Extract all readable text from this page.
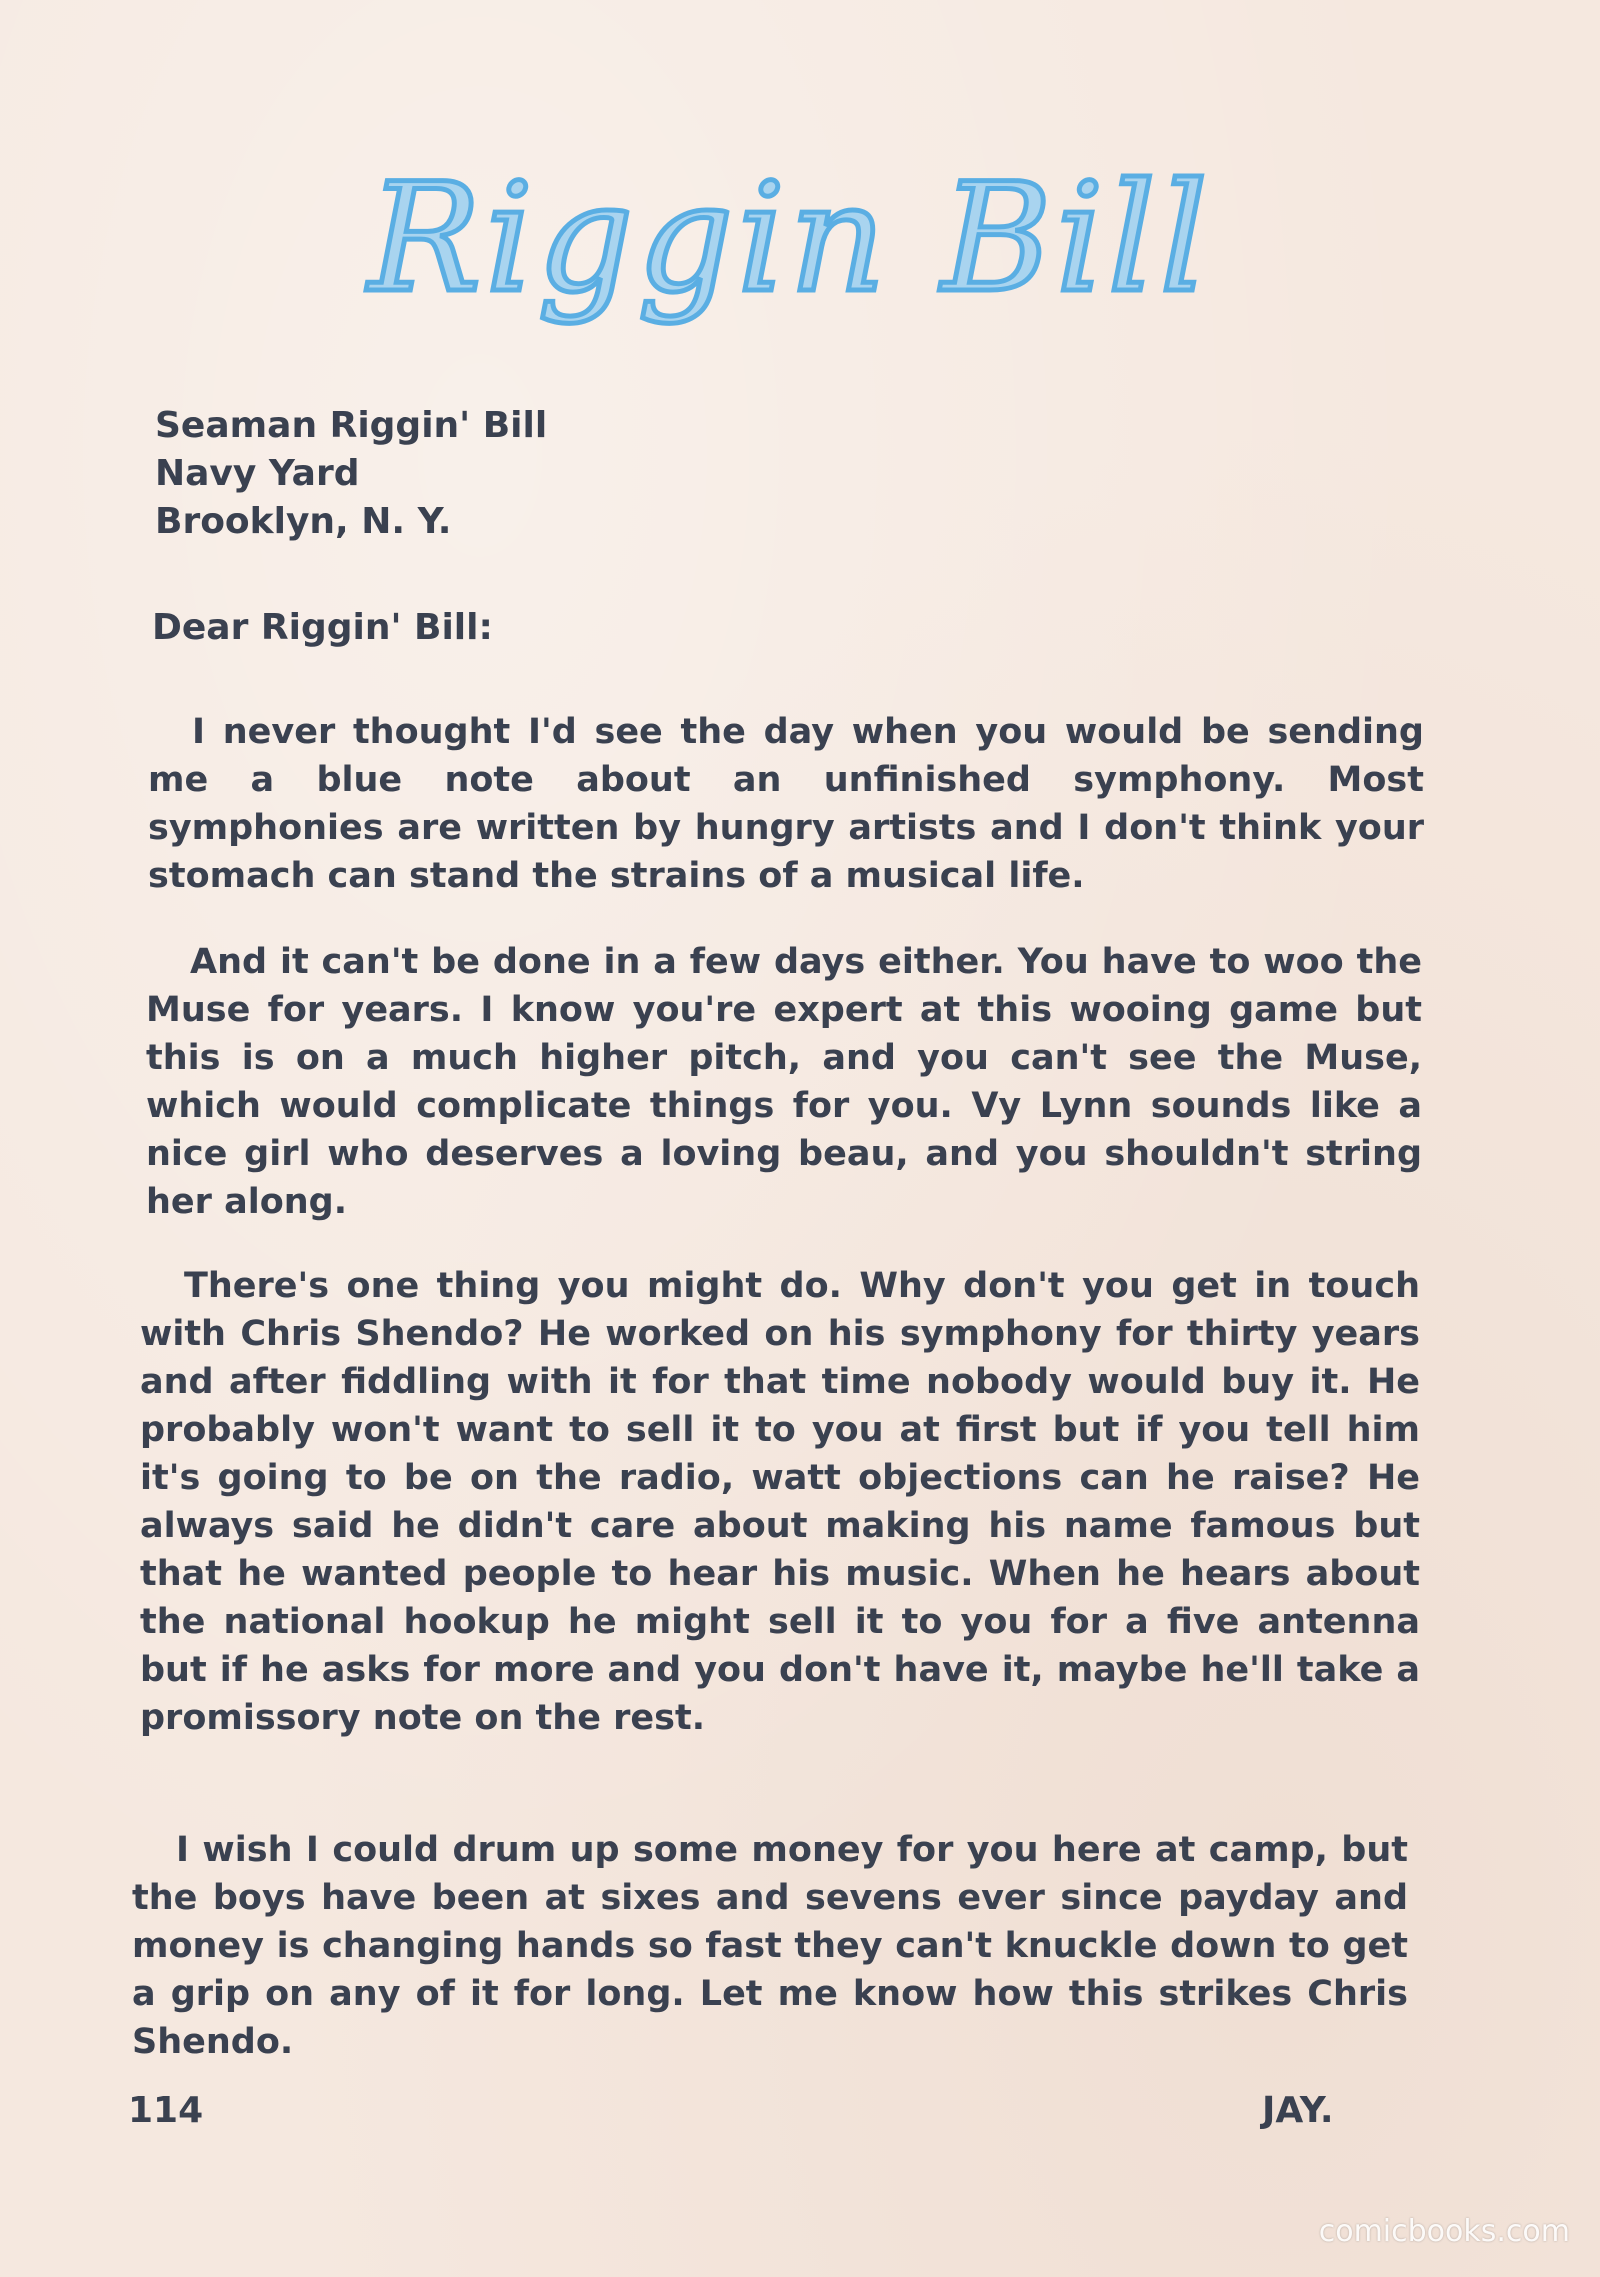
Riggin Bill
Seaman Riggin' Bill
Navy Yard
Brooklyn, N. Y.
Dear Riggin' Bill:

I never thought I'd see the day when you would be sending me a blue note about an unfinished symphony. Most symphonies are written by hungry artists and I don't think your stomach can stand the strains of a musical life.

And it can't be done in a few days either. You have to woo the Muse for years. I know you're expert at this wooing game but this is on a much higher pitch, and you can't see the Muse, which would complicate things for you. Vy Lynn sounds like a nice girl who deserves a loving beau, and you shouldn't string her along.

There's one thing you might do. Why don't you get in touch with Chris Shendo? He worked on his symphony for thirty years and after fiddling with it for that time nobody would buy it. He probably won't want to sell it to you at first but if you tell him it's going to be on the radio, watt objections can he raise? He always said he didn't care about making his name famous but that he wanted people to hear his music. When he hears about the national hookup he might sell it to you for a five antenna but if he asks for more and you don't have it, maybe he'll take a promissory note on the rest.

I wish I could drum up some money for you here at camp, but the boys have been at sixes and sevens ever since payday and money is changing hands so fast they can't knuckle down to get a grip on any of it for long. Let me know how this strikes Chris Shendo.

114	JAY.
comicbooks.com
